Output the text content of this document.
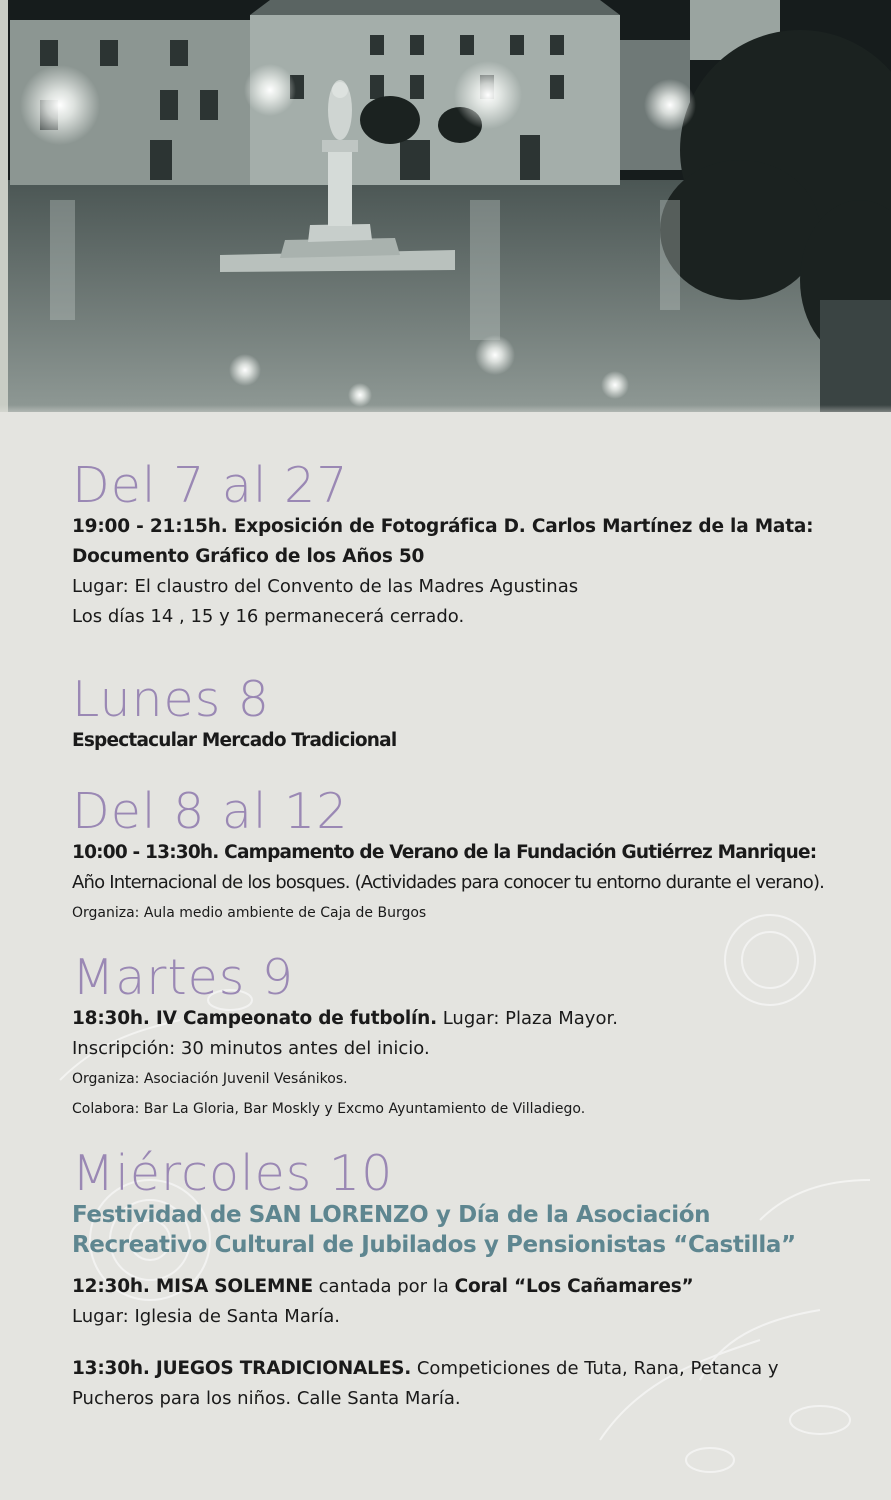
Del 7 al 27
19:00 - 21:15h. Exposición de Fotográfica D. Carlos Martínez de la Mata:
Documento Gráfico de los Años 50
Lugar: El claustro del Convento de las Madres Agustinas
Los días 14 , 15 y 16 permanecerá cerrado.
Lunes 8
Espectacular Mercado Tradicional
Del 8 al 12
10:00 - 13:30h. Campamento de Verano de la Fundación Gutiérrez Manrique:
Año Internacional de los bosques. (Actividades para conocer tu entorno durante el verano).
Organiza: Aula medio ambiente de Caja de Burgos
Martes 9
18:30h. IV Campeonato de futbolín. Lugar: Plaza Mayor.
Inscripción: 30 minutos antes del inicio.
Organiza: Asociación Juvenil Vesánikos.
Colabora: Bar La Gloria, Bar Moskly y Excmo Ayuntamiento de Villadiego.
Miércoles 10
Festividad de SAN LORENZO y Día de la Asociación
Recreativo Cultural de Jubilados y Pensionistas “Castilla”
12:30h. MISA SOLEMNE cantada por la Coral “Los Cañamares”
Lugar: Iglesia de Santa María.
13:30h. JUEGOS TRADICIONALES. Competiciones de Tuta, Rana, Petanca y
Pucheros para los niños. Calle Santa María.
